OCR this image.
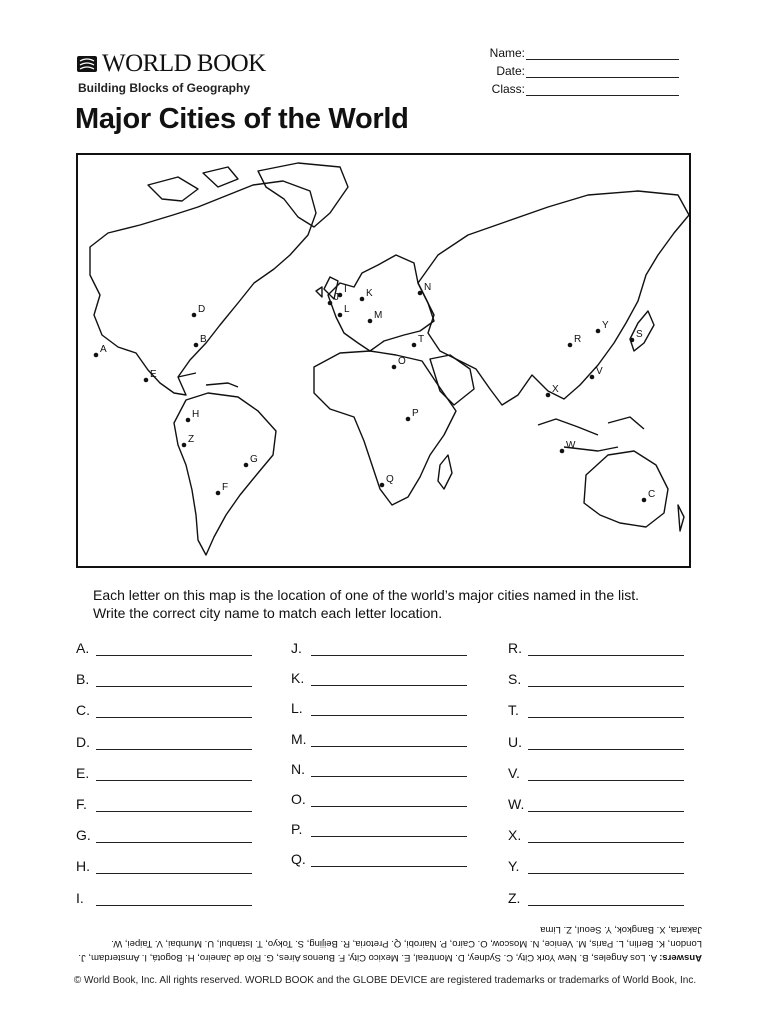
WORLD BOOK
Building Blocks of Geography
Major Cities of the World
Name:
Date:
Class:
A
B
C
D
E
F
G
H
I
J	K
L
M
N
O
P
Q
R	S
T
V
W
X
Y
Z

Each letter on this map is the location of one of the world’s major cities named in the list.

Write the correct city name to match each letter location.

A.
B.
C.
D.
E.
F.
G.
H.
I.
J.
K.
L.
M.
N.
O.
P.
Q.
R.
S.
T.
U.
V.
W.
X.
Y.
Z.
Answers: A. Los Angeles, B. New York City, C. Sydney, D. Montreal, E. Mexico City, F. Buenos Aires, G. Rio de Janeiro, H. Bogotá, I. Amsterdam, J. London, K. Berlin, L. Paris, M. Venice, N. Moscow, O. Cairo, P. Nairobi, Q. Pretoria, R. Beijing, S. Tokyo, T. Istanbul, U. Mumbai, V. Taipei, W. Jakarta, X. Bangkok, Y. Seoul, Z. Lima
© World Book, Inc. All rights reserved. WORLD BOOK and the GLOBE DEVICE are registered trademarks or trademarks of World Book, Inc.
